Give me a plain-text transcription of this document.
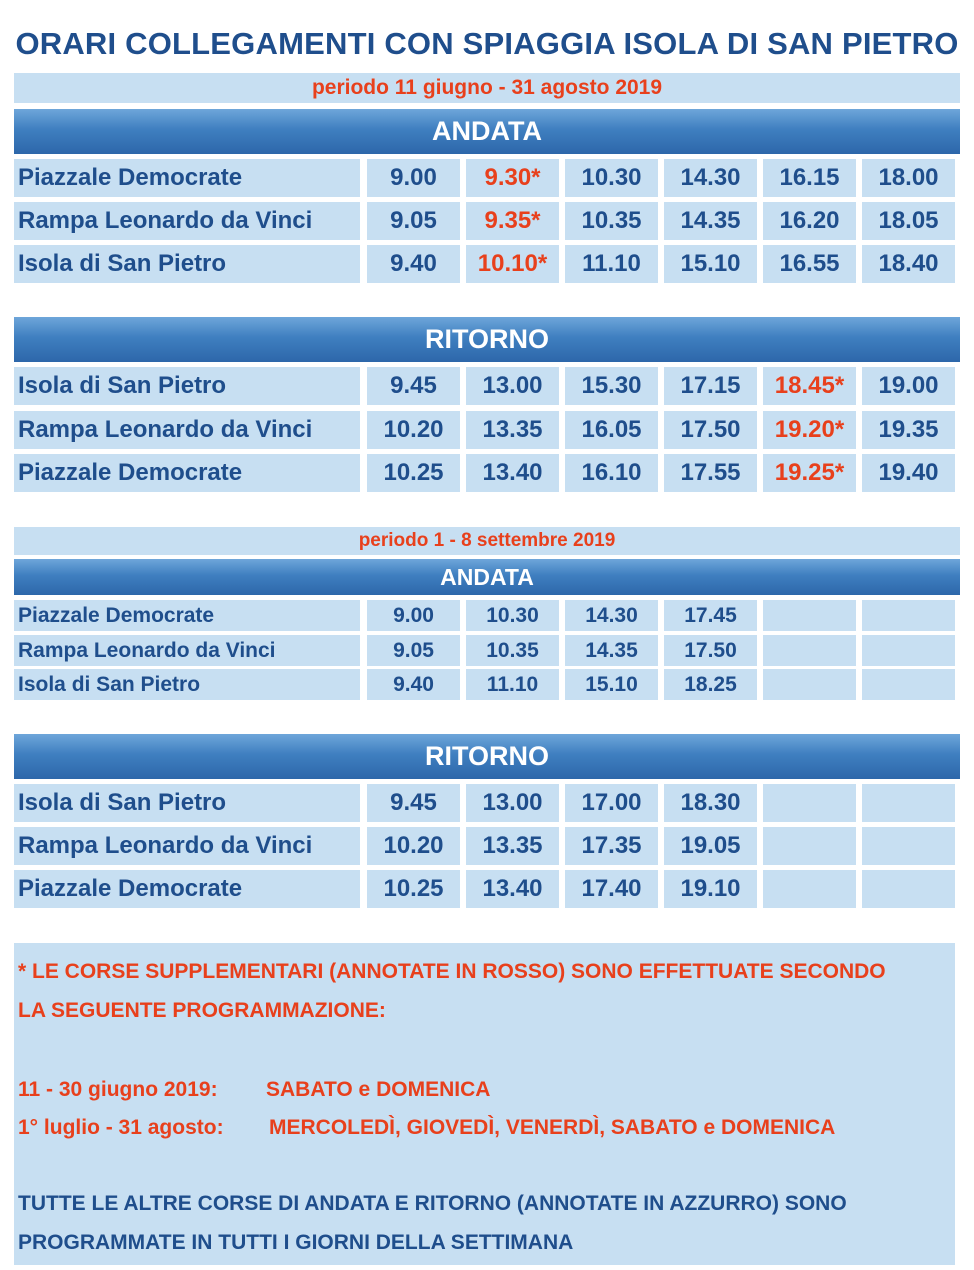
ORARI COLLEGAMENTI CON SPIAGGIA ISOLA DI SAN PIETRO
periodo 11 giugno - 31 agosto 2019
ANDATA
Piazzale Democrate	9.00	9.30*	10.30	14.30	16.15	18.00
Rampa Leonardo da Vinci	9.05	9.35*	10.35	14.35	16.20	18.05
Isola di San Pietro	9.40	10.10*	11.10	15.10	16.55	18.40
RITORNO
Isola di San Pietro	9.45	13.00	15.30	17.15	18.45*	19.00
Rampa Leonardo da Vinci	10.20	13.35	16.05	17.50	19.20*	19.35
Piazzale Democrate	10.25	13.40	16.10	17.55	19.25*	19.40
periodo 1 - 8 settembre 2019
ANDATA
Piazzale Democrate	9.00	10.30	14.30	17.45
Rampa Leonardo da Vinci	9.05	10.35	14.35	17.50
Isola di San Pietro	9.40	11.10	15.10	18.25
RITORNO
Isola di San Pietro	9.45	13.00	17.00	18.30
Rampa Leonardo da Vinci	10.20	13.35	17.35	19.05
Piazzale Democrate	10.25	13.40	17.40	19.10
* LE CORSE SUPPLEMENTARI (ANNOTATE IN ROSSO) SONO EFFETTUATE SECONDO
LA SEGUENTE PROGRAMMAZIONE:
11 - 30 giugno 2019: SABATO e DOMENICA
1° luglio - 31 agosto: MERCOLEDÌ, GIOVEDÌ, VENERDÌ, SABATO e DOMENICA
TUTTE LE ALTRE CORSE DI ANDATA E RITORNO (ANNOTATE IN AZZURRO) SONO
PROGRAMMATE IN TUTTI I GIORNI DELLA SETTIMANA
